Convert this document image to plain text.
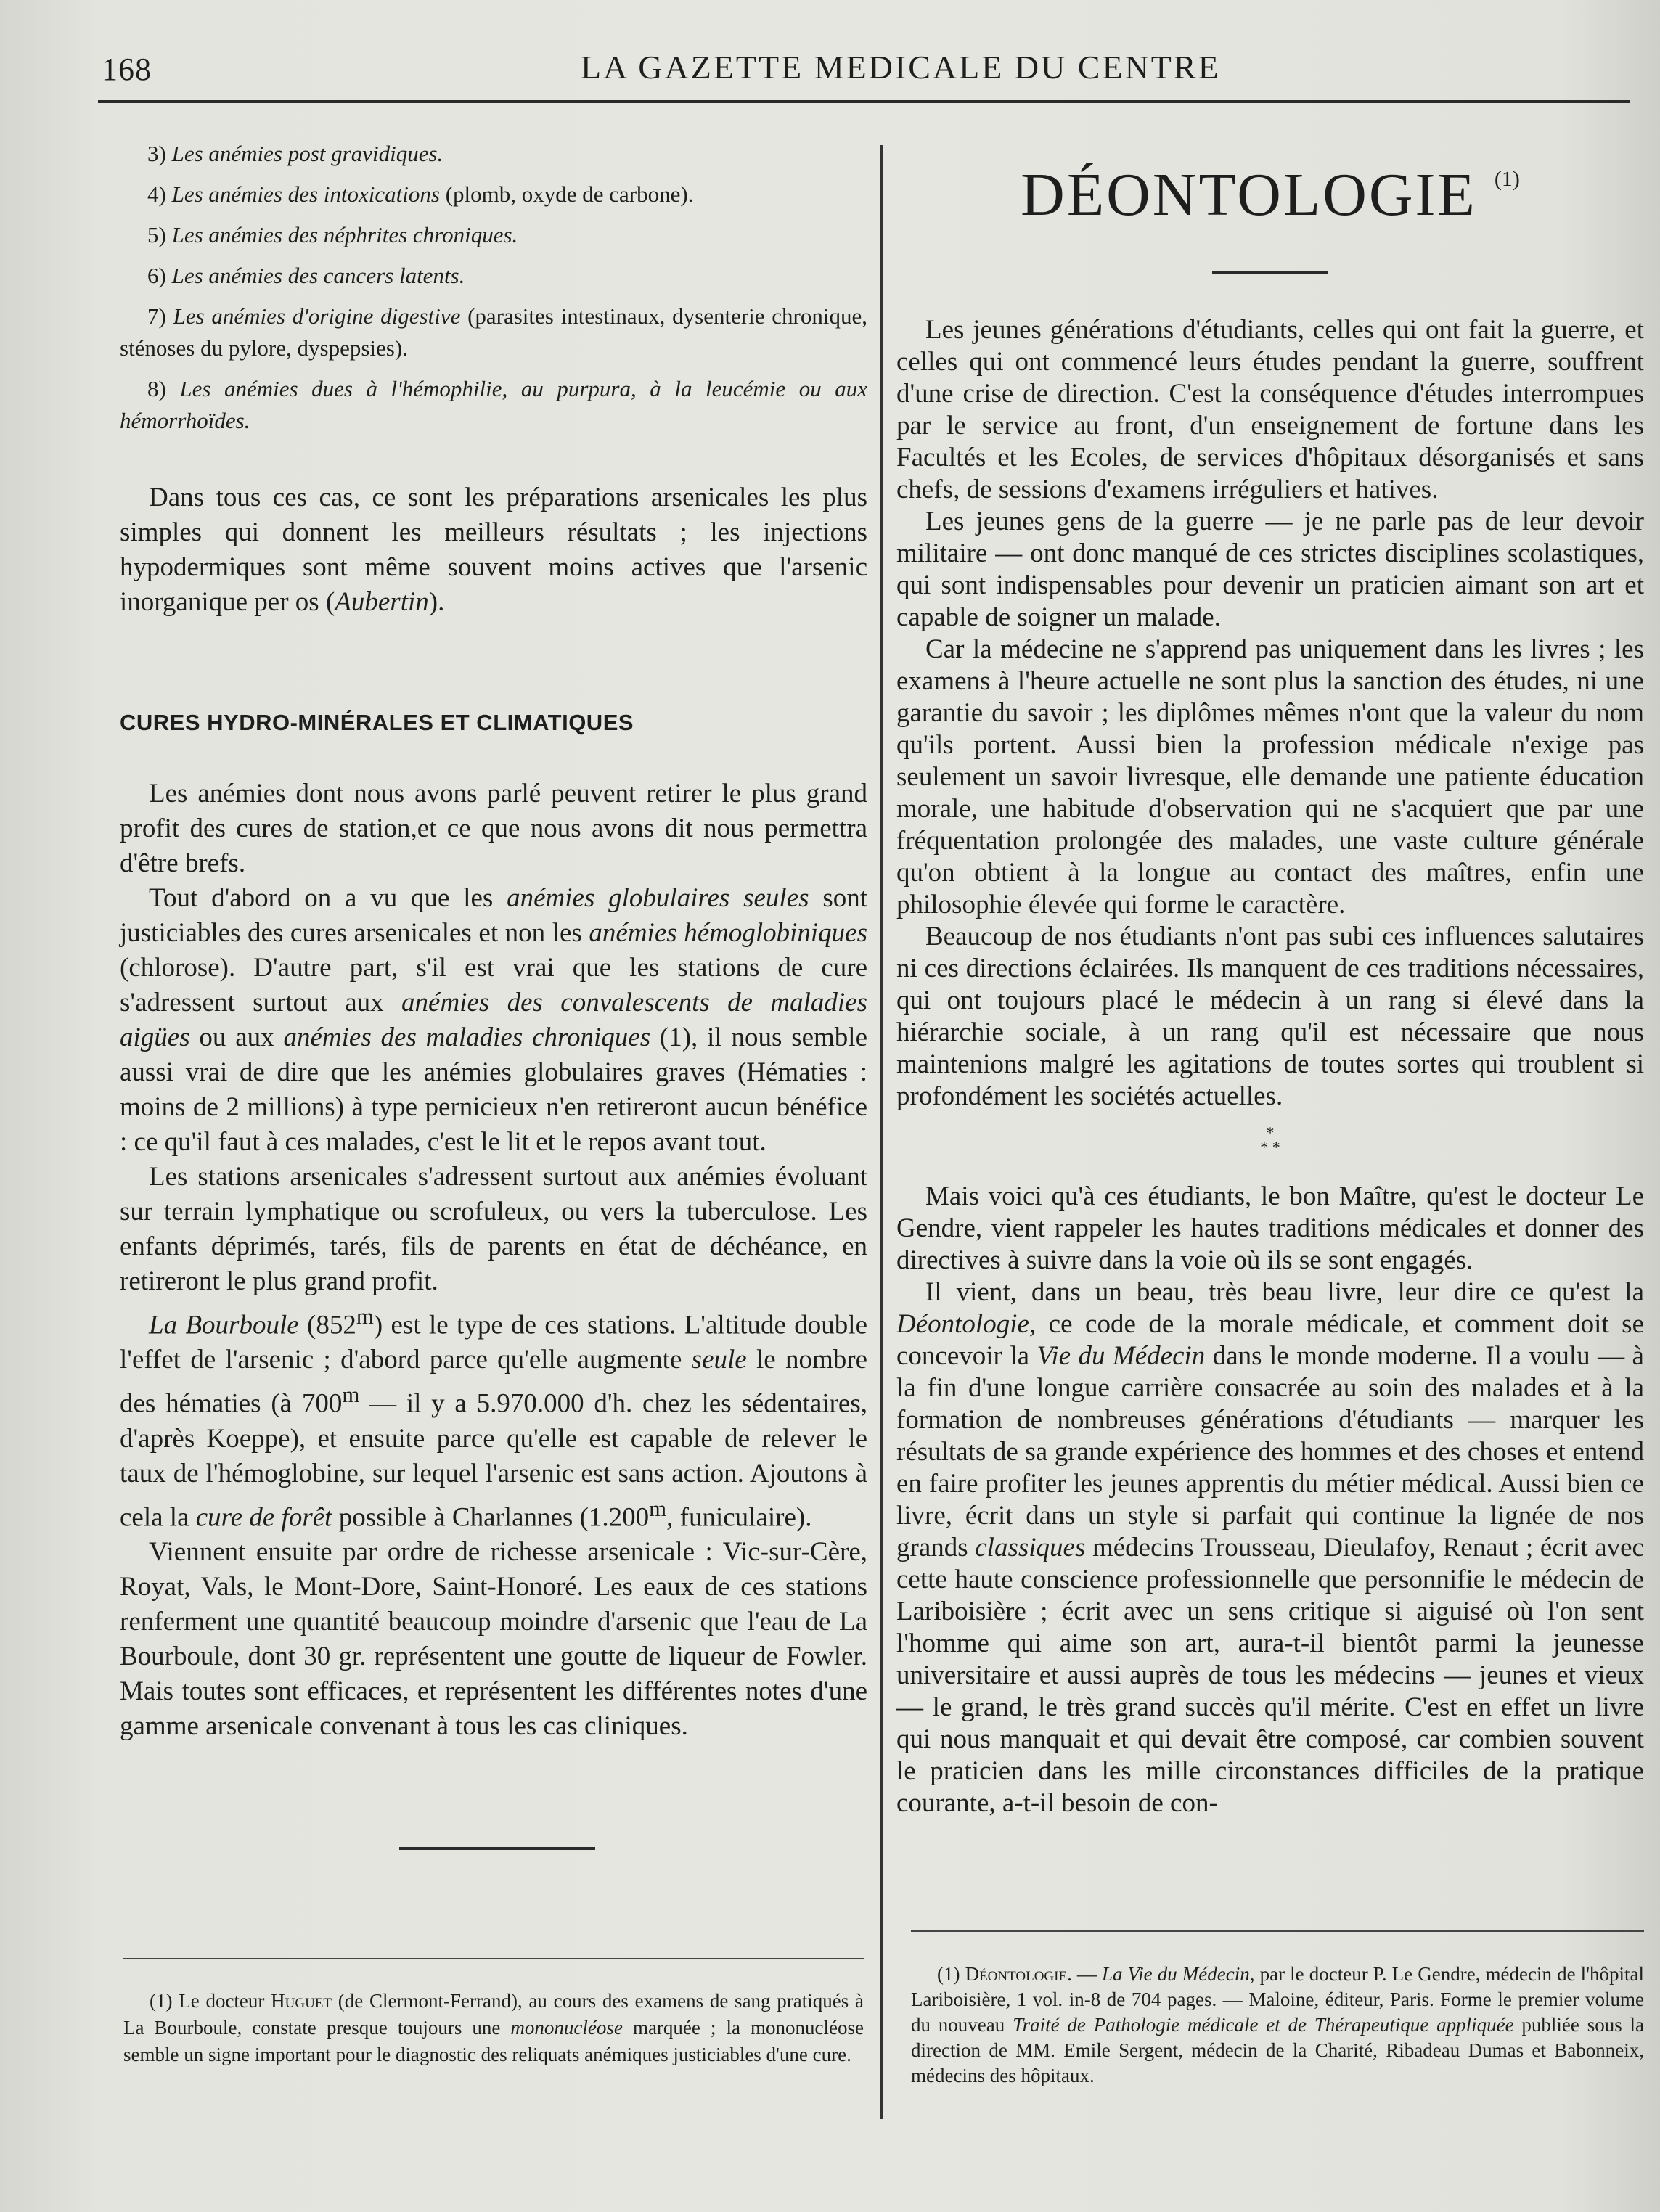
168	LA GAZETTE MEDICALE DU CENTRE

3) Les anémies post gravidiques.

4) Les anémies des intoxications (plomb, oxyde de carbone).

5) Les anémies des néphrites chroniques.

6) Les anémies des cancers latents.

7) Les anémies d'origine digestive (parasites intestinaux, dysenterie chronique, sténoses du pylore, dyspepsies).

8) Les anémies dues à l'hémophilie, au purpura, à la leucémie ou aux hémorrhoïdes.

Dans tous ces cas, ce sont les préparations arsenicales les plus simples qui donnent les meilleurs résultats ; les injections hypodermiques sont même souvent moins actives que l'arsenic inorganique per os (Aubertin).

CURES HYDRO-MINÉRALES ET CLIMATIQUES

Les anémies dont nous avons parlé peuvent retirer le plus grand profit des cures de station,et ce que nous avons dit nous permettra d'être brefs.

Tout d'abord on a vu que les anémies globulaires seules sont justiciables des cures arsenicales et non les anémies hémoglobiniques (chlorose). D'autre part, s'il est vrai que les stations de cure s'adressent surtout aux anémies des convalescents de maladies aigües ou aux anémies des maladies chroniques (1), il nous semble aussi vrai de dire que les anémies globulaires graves (Hématies : moins de 2 millions) à type pernicieux n'en retireront aucun bénéfice : ce qu'il faut à ces malades, c'est le lit et le repos avant tout.

Les stations arsenicales s'adressent surtout aux anémies évoluant sur terrain lymphatique ou scrofuleux, ou vers la tuberculose. Les enfants déprimés, tarés, fils de parents en état de déchéance, en retireront le plus grand profit.

La Bourboule (852$^m$) est le type de ces stations. L'altitude double l'effet de l'arsenic ; d'abord parce qu'elle augmente seule le nombre des hématies (à 700$^m$ — il y a 5.970.000 d'h. chez les sédentaires, d'après Koeppe), et ensuite parce qu'elle est capable de relever le taux de l'hémoglobine, sur lequel l'arsenic est sans action. Ajoutons à cela la cure de forêt possible à Charlannes (1.200$^m$, funiculaire).

Viennent ensuite par ordre de richesse arsenicale : Vic-sur-Cère, Royat, Vals, le Mont-Dore, Saint-Honoré. Les eaux de ces stations renferment une quantité beaucoup moindre d'arsenic que l'eau de La Bourboule, dont 30 gr. représentent une goutte de liqueur de Fowler. Mais toutes sont efficaces, et représentent les différentes notes d'une gamme arsenicale convenant à tous les cas cliniques.

(1) Le docteur Huguet (de Clermont-Ferrand), au cours des examens de sang pratiqués à La Bourboule, constate presque toujours une mononucléose marquée ; la mononucléose semble un signe important pour le diagnostic des reliquats anémiques justiciables d'une cure.

DÉONTOLOGIE $^{(1)}$

Les jeunes générations d'étudiants, celles qui ont fait la guerre, et celles qui ont commencé leurs études pendant la guerre, souffrent d'une crise de direction. C'est la conséquence d'études interrompues par le service au front, d'un enseignement de fortune dans les Facultés et les Ecoles, de services d'hôpitaux désorganisés et sans chefs, de sessions d'examens irréguliers et hatives.

Les jeunes gens de la guerre — je ne parle pas de leur devoir militaire — ont donc manqué de ces strictes disciplines scolastiques, qui sont indispensables pour devenir un praticien aimant son art et capable de soigner un malade.

Car la médecine ne s'apprend pas uniquement dans les livres ; les examens à l'heure actuelle ne sont plus la sanction des études, ni une garantie du savoir ; les diplômes mêmes n'ont que la valeur du nom qu'ils portent. Aussi bien la profession médicale n'exige pas seulement un savoir livresque, elle demande une patiente éducation morale, une habitude d'observation qui ne s'acquiert que par une fréquentation prolongée des malades, une vaste culture générale qu'on obtient à la longue au contact des maîtres, enfin une philosophie élevée qui forme le caractère.

Beaucoup de nos étudiants n'ont pas subi ces influences salutaires ni ces directions éclairées. Ils manquent de ces traditions nécessaires, qui ont toujours placé le médecin à un rang si élevé dans la hiérarchie sociale, à un rang qu'il est nécessaire que nous maintenions malgré les agitations de toutes sortes qui troublent si profondément les sociétés actuelles.

*
* *

Mais voici qu'à ces étudiants, le bon Maître, qu'est le docteur Le Gendre, vient rappeler les hautes traditions médicales et donner des directives à suivre dans la voie où ils se sont engagés.

Il vient, dans un beau, très beau livre, leur dire ce qu'est la Déontologie, ce code de la morale médicale, et comment doit se concevoir la Vie du Médecin dans le monde moderne. Il a voulu — à la fin d'une longue carrière consacrée au soin des malades et à la formation de nombreuses générations d'étudiants — marquer les résultats de sa grande expérience des hommes et des choses et entend en faire profiter les jeunes apprentis du métier médical. Aussi bien ce livre, écrit dans un style si parfait qui continue la lignée de nos grands classiques médecins Trousseau, Dieulafoy, Renaut ; écrit avec cette haute conscience professionnelle que personnifie le médecin de Lariboisière ; écrit avec un sens critique si aiguisé où l'on sent l'homme qui aime son art, aura-t-il bientôt parmi la jeunesse universitaire et aussi auprès de tous les médecins — jeunes et vieux — le grand, le très grand succès qu'il mérite. C'est en effet un livre qui nous manquait et qui devait être composé, car combien souvent le praticien dans les mille circonstances difficiles de la pratique courante, a-t-il besoin de con-

(1) Déontologie. — La Vie du Médecin, par le docteur P. Le Gendre, médecin de l'hôpital Lariboisière, 1 vol. in-8 de 704 pages. — Maloine, éditeur, Paris. Forme le premier volume du nouveau Traité de Pathologie médicale et de Thérapeutique appliquée publiée sous la direction de MM. Emile Sergent, médecin de la Charité, Ribadeau Dumas et Babonneix, médecins des hôpitaux.
